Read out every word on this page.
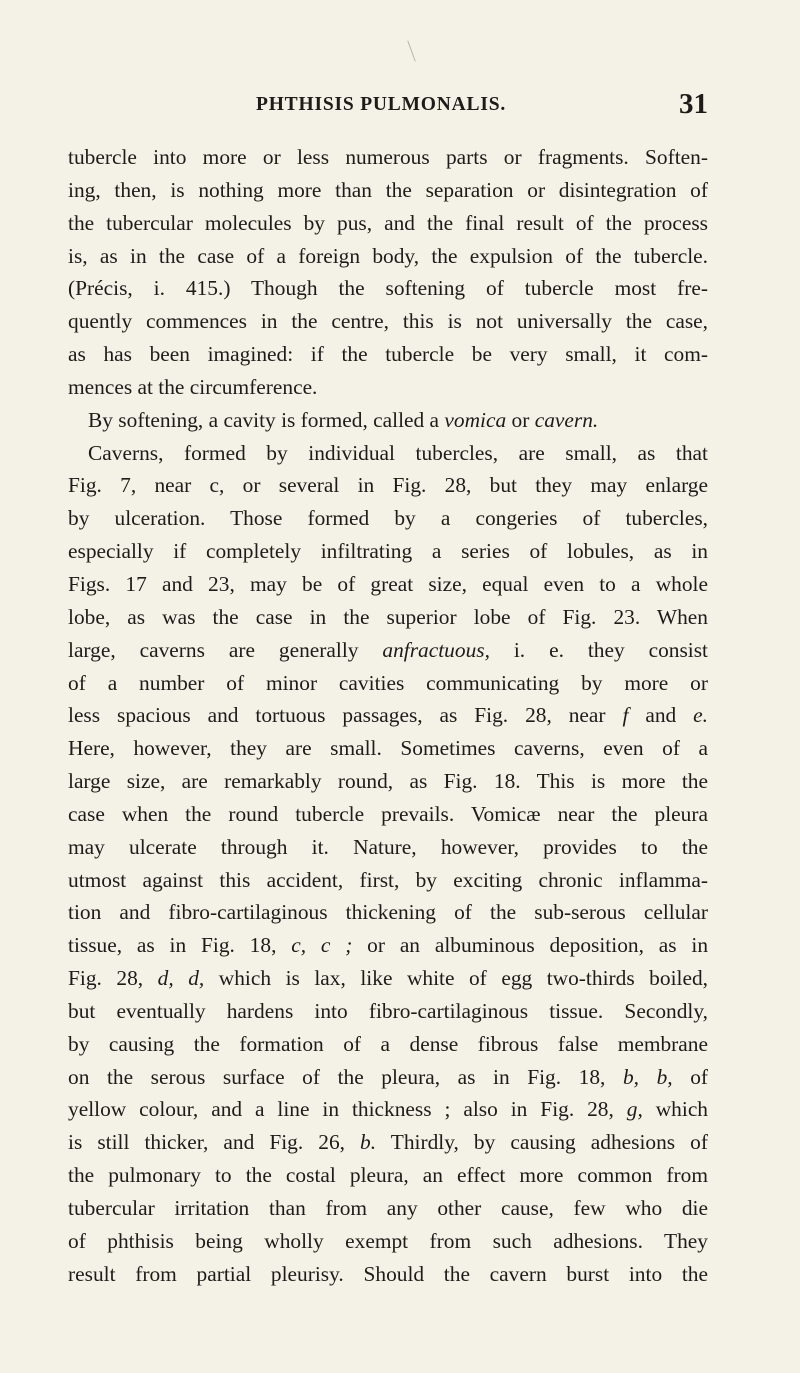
PHTHISIS PULMONALIS.	31
tubercle into more or less numerous parts or fragments. Soften-
ing, then, is nothing more than the separation or disintegration of
the tubercular molecules by pus, and the final result of the process
is, as in the case of a foreign body, the expulsion of the tubercle.
(Précis, i. 415.) Though the softening of tubercle most fre-
quently commences in the centre, this is not universally the case,
as has been imagined: if the tubercle be very small, it com-
mences at the circumference.
By softening, a cavity is formed, called a vomica or cavern.
Caverns, formed by individual tubercles, are small, as that
Fig. 7, near c, or several in Fig. 28, but they may enlarge
by ulceration. Those formed by a congeries of tubercles,
especially if completely infiltrating a series of lobules, as in
Figs. 17 and 23, may be of great size, equal even to a whole
lobe, as was the case in the superior lobe of Fig. 23. When
large, caverns are generally anfractuous, i. e. they consist
of a number of minor cavities communicating by more or
less spacious and tortuous passages, as Fig. 28, near f and e.
Here, however, they are small. Sometimes caverns, even of a
large size, are remarkably round, as Fig. 18. This is more the
case when the round tubercle prevails. Vomicæ near the pleura
may ulcerate through it. Nature, however, provides to the
utmost against this accident, first, by exciting chronic inflamma-
tion and fibro-cartilaginous thickening of the sub-serous cellular
tissue, as in Fig. 18, c, c ; or an albuminous deposition, as in
Fig. 28, d, d, which is lax, like white of egg two-thirds boiled,
but eventually hardens into fibro-cartilaginous tissue. Secondly,
by causing the formation of a dense fibrous false membrane
on the serous surface of the pleura, as in Fig. 18, b, b, of
yellow colour, and a line in thickness ; also in Fig. 28, g, which
is still thicker, and Fig. 26, b. Thirdly, by causing adhesions of
the pulmonary to the costal pleura, an effect more common from
tubercular irritation than from any other cause, few who die
of phthisis being wholly exempt from such adhesions. They
result from partial pleurisy. Should the cavern burst into the
